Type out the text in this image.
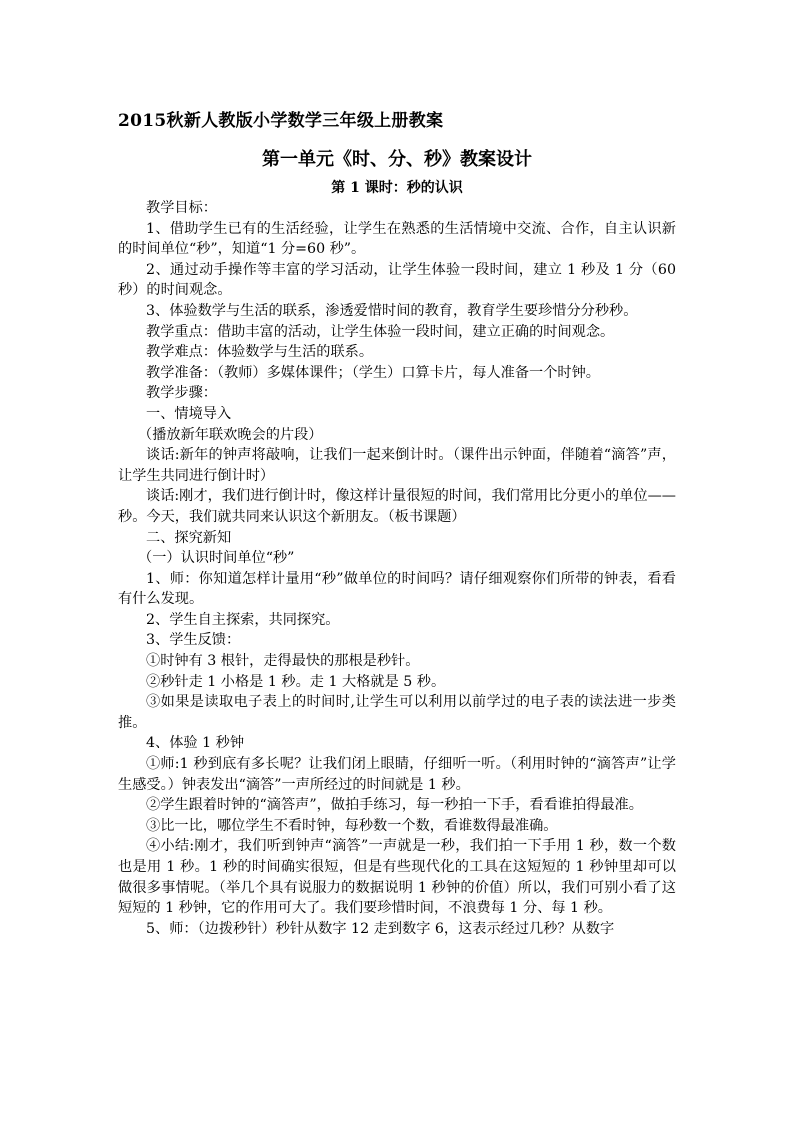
2015秋新人教版小学数学三年级上册教案
第一单元《时、分、秒》教案设计
第 1 课时：秒的认识

教学目标：

1、借助学生已有的生活经验，让学生在熟悉的生活情境中交流、合作，自主认识新的时间单位“秒”，知道“1 分=60 秒”。

2、通过动手操作等丰富的学习活动，让学生体验一段时间，建立 1 秒及 1 分（60 秒）的时间观念。

3、体验数学与生活的联系，渗透爱惜时间的教育，教育学生要珍惜分分秒秒。

教学重点：借助丰富的活动，让学生体验一段时间，建立正确的时间观念。

教学难点：体验数学与生活的联系。

教学准备：（教师）多媒体课件；（学生）口算卡片，每人准备一个时钟。

教学步骤：

一、情境导入

（播放新年联欢晚会的片段）

谈话:新年的钟声将敲响，让我们一起来倒计时。（课件出示钟面，伴随着“滴答”声，让学生共同进行倒计时）

谈话:刚才，我们进行倒计时，像这样计量很短的时间，我们常用比分更小的单位——秒。今天，我们就共同来认识这个新朋友。（板书课题）

二、探究新知

（一）认识时间单位“秒”

1、师：你知道怎样计量用“秒”做单位的时间吗？请仔细观察你们所带的钟表，看看有什么发现。

2、学生自主探索，共同探究。

3、学生反馈：

①时钟有 3 根针，走得最快的那根是秒针。

②秒针走 1 小格是 1 秒。走 1 大格就是 5 秒。

③如果是读取电子表上的时间时,让学生可以利用以前学过的电子表的读法进一步类推。

4、体验 1 秒钟

①师:1 秒到底有多长呢？让我们闭上眼睛，仔细听一听。（利用时钟的“滴答声”让学生感受。）钟表发出“滴答”一声所经过的时间就是 1 秒。

②学生跟着时钟的“滴答声”，做拍手练习，每一秒拍一下手，看看谁拍得最准。

③比一比，哪位学生不看时钟，每秒数一个数，看谁数得最准确。

④小结:刚才，我们听到钟声“滴答”一声就是一秒，我们拍一下手用 1 秒，数一个数也是用 1 秒。1 秒的时间确实很短，但是有些现代化的工具在这短短的 1 秒钟里却可以做很多事情呢。（举几个具有说服力的数据说明 1 秒钟的价值）所以，我们可别小看了这短短的 1 秒钟，它的作用可大了。我们要珍惜时间，不浪费每 1 分、每 1 秒。

5、师：（边拨秒针）秒针从数字 12 走到数字 6，这表示经过几秒？从数字
